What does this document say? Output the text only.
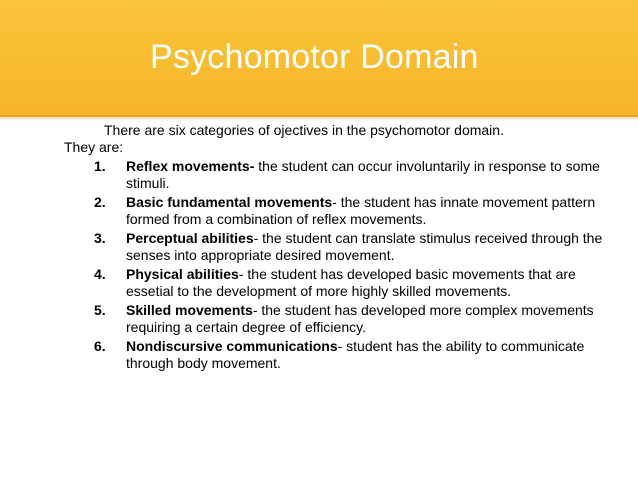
Psychomotor Domain

There are six categories of ojectives in the psychomotor domain.
They are:

1. Reflex movements- the student can occur involuntarily in response to some stimuli.
2. Basic fundamental movements- the student has innate movement pattern formed from a combination of reflex movements.
3. Perceptual abilities- the student can translate stimulus received through the senses into appropriate desired movement.
4. Physical abilities- the student has developed basic movements that are essetial to the development of more highly skilled movements.
5. Skilled movements- the student has developed more complex movements requiring a certain degree of efficiency.
6. Nondiscursive communications- student has the ability to communicate through body movement.
